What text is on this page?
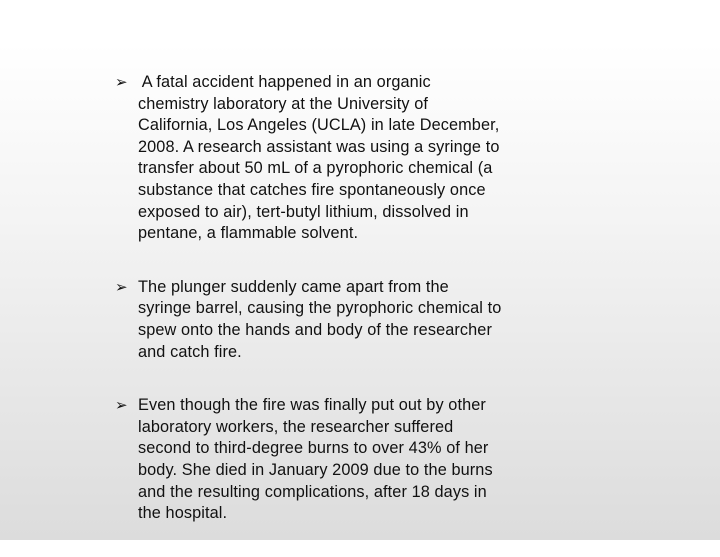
➢ A fatal accident happened in an organic
chemistry laboratory at the University of
California, Los Angeles (UCLA) in late December,
2008. A research assistant was using a syringe to
transfer about 50 mL of a pyrophoric chemical (a
substance that catches fire spontaneously once
exposed to air), tert-butyl lithium, dissolved in
pentane, a flammable solvent.
➢ The plunger suddenly came apart from the
syringe barrel, causing the pyrophoric chemical to
spew onto the hands and body of the researcher
and catch fire.
➢ Even though the fire was finally put out by other
laboratory workers, the researcher suffered
second to third-degree burns to over 43% of her
body. She died in January 2009 due to the burns
and the resulting complications, after 18 days in
the hospital.
